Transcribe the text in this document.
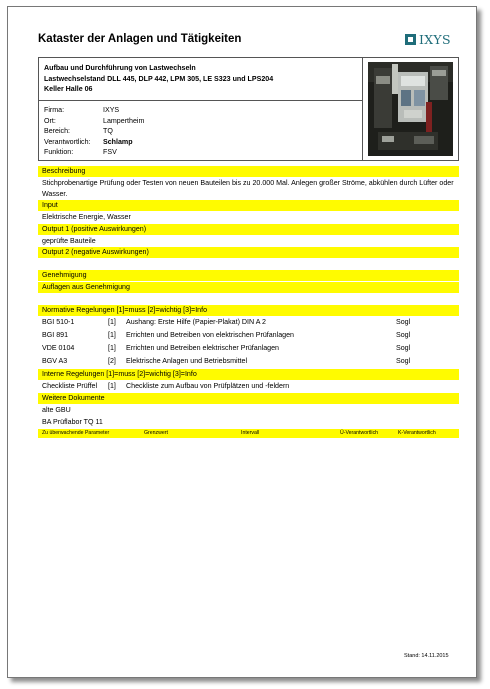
Kataster der Anlagen und Tätigkeiten	IXYS
Aufbau und Durchführung von Lastwechseln
Lastwechselstand DLL 445, DLP 442, LPM 305, LE S323 und LPS204
Keller Halle 06
Firma:	IXYS
Ort:	Lampertheim
Bereich:	TQ
Verantwortlich:	Schlamp
Funktion:	FSV
Beschreibung
Stichprobenartige Prüfung oder Testen von neuen Bauteilen bis zu 20.000 Mal. Anlegen großer Ströme, abkühlen durch Lüfter oder Wasser.
Input
Elektrische Energie, Wasser
Output 1 (positive Auswirkungen)
geprüfte Bauteile
Output 2 (negative Auswirkungen)
Genehmigung
Auflagen aus Genehmigung
Normative Regelungen [1]=muss [2]=wichtig [3]=Info
BGI 510-1	[1]	Aushang: Erste Hilfe (Papier-Plakat) DIN A 2	Sogl
BGI 891	[1]	Errichten und Betreiben von elektrischen Prüfanlagen	Sogl
VDE 0104	[1]	Errichten und Betreiben elektrischer Prüfanlagen	Sogl
BGV A3	[2]	Elektrische Anlagen und Betriebsmittel	Sogl
Interne Regelungen [1]=muss [2]=wichtig [3]=Info
Checkliste Prüffel	[1]	Checkliste zum Aufbau von Prüfplätzen und -feldern
Weitere Dokumente
alte GBU
BA Prüflabor TQ 11
Zu überwachende Parameter	Grenzwert	Intervall	Ü-Verantwortlich	K-Verantwortlich
Stand: 14.11.2015
